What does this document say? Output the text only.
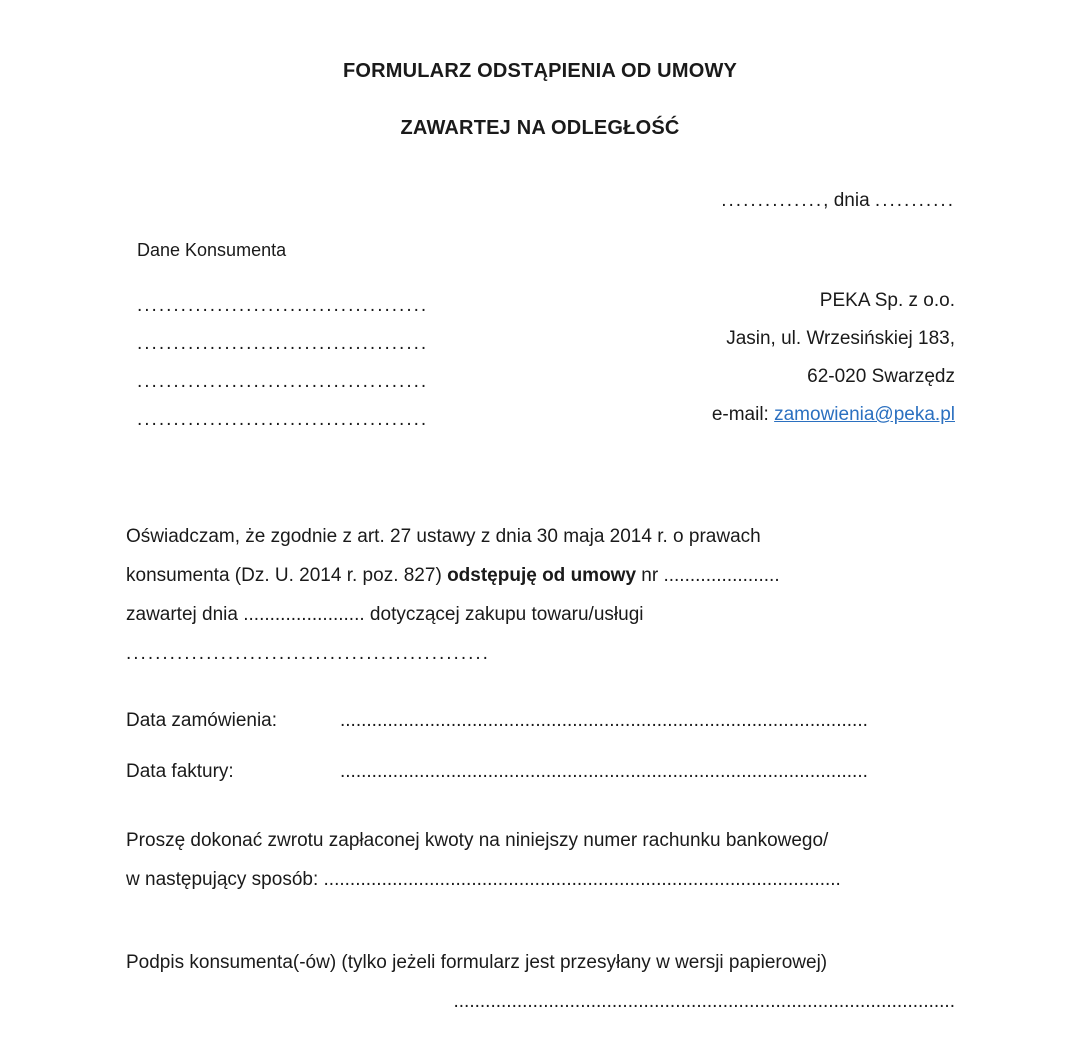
FORMULARZ ODSTĄPIENIA OD UMOWY
ZAWARTEJ NA ODLEGŁOŚĆ
.............., dnia ...........
Dane Konsumenta
........................................
........................................
........................................
........................................
PEKA Sp. z o.o.
Jasin, ul. Wrzesińskiej 183,
62-020 Swarzędz
e-mail: zamowienia@peka.pl
Oświadczam, że zgodnie z art. 27 ustawy z dnia 30 maja 2014 r. o prawach
konsumenta (Dz. U. 2014 r. poz. 827) odstępuję od umowy nr ......................
zawartej dnia ....................... dotyczącej zakupu towaru/usługi
..................................................
Data zamówienia:	....................................................................................................
Data faktury:	....................................................................................................
Proszę dokonać zwrotu zapłaconej kwoty na niniejszy numer rachunku bankowego/
w następujący sposób: ..................................................................................................
Podpis konsumenta(-ów) (tylko jeżeli formularz jest przesyłany w wersji papierowej)
...............................................................................................
